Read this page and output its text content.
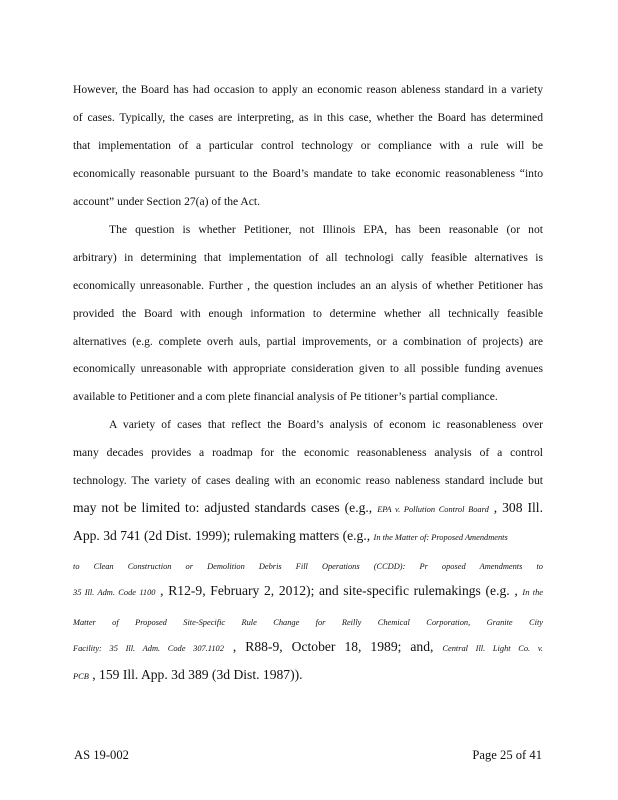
However, the Board has had occasion to apply an economic reason ableness standard in a variety
of cases. Typically, the cases are interpreting, as in this case, whether the Board has determined
that implementation of a particular control technology or compliance with a rule will be
economically reasonable pursuant to the Board’s mandate to take economic reasonableness “into
account” under Section 27(a) of the Act.
The question is whether Petitioner, not Illinois EPA, has been reasonable (or not
arbitrary) in determining that implementation of all technologi cally feasible alternatives is
economically unreasonable. Further , the question includes an an alysis of whether Petitioner has
provided the Board with enough information to determine whether all technically feasible
alternatives (e.g. complete overh auls, partial improvements, or a combination of projects) are
economically unreasonable with appropriate consideration given to all possible funding avenues
available to Petitioner and a com plete financial analysis of Pe titioner’s partial compliance.
A variety of cases that reflect the Board’s analysis of econom ic reasonableness over
many decades provides a roadmap for the economic reasonableness analysis of a control
technology. The variety of cases dealing with an economic reaso nableness standard include but
may not be limited to: adjusted standards cases (e.g., EPA v. Pollution Control Board , 308 Ill.
App. 3d 741 (2d Dist. 1999); rulemaking matters (e.g., In the Matter of: Proposed Amendments
to Clean Construction or Demolition Debris Fill Operations (CCDD): Pr oposed Amendments to
35 Ill. Adm. Code 1100 , R12-9, February 2, 2012); and site-specific rulemakings (e.g. , In the
Matter of Proposed Site-Specific Rule Change for Reilly Chemical Corporation, Granite City
Facility: 35 Ill. Adm. Code 307.1102 , R88-9, October 18, 1989; and, Central Ill. Light Co. v.
PCB , 159 Ill. App. 3d 389 (3d Dist. 1987)).
AS 19-002	Page 25 of 41
